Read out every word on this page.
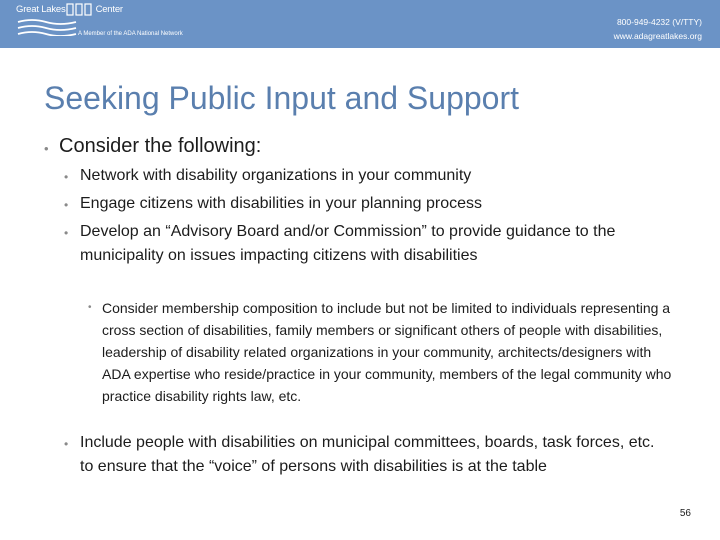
Great Lakes	Center
A Member of the ADA National Network
800-949-4232 (V/TTY)
www.adagreatlakes.org
Seeking Public Input and Support
• Consider the following:
• Network with disability organizations in your community
• Engage citizens with disabilities in your planning process
• Develop an “Advisory Board and/or Commission” to provide guidance to the municipality on issues impacting citizens with disabilities
• Consider membership composition to include but not be limited to individuals representing a cross section of disabilities, family members or significant others of people with disabilities, leadership of disability related organizations in your community, architects/designers with ADA expertise who reside/practice in your community, members of the legal community who practice disability rights law, etc.
• Include people with disabilities on municipal committees, boards, task forces, etc. to ensure that the “voice” of persons with disabilities is at the table
56
